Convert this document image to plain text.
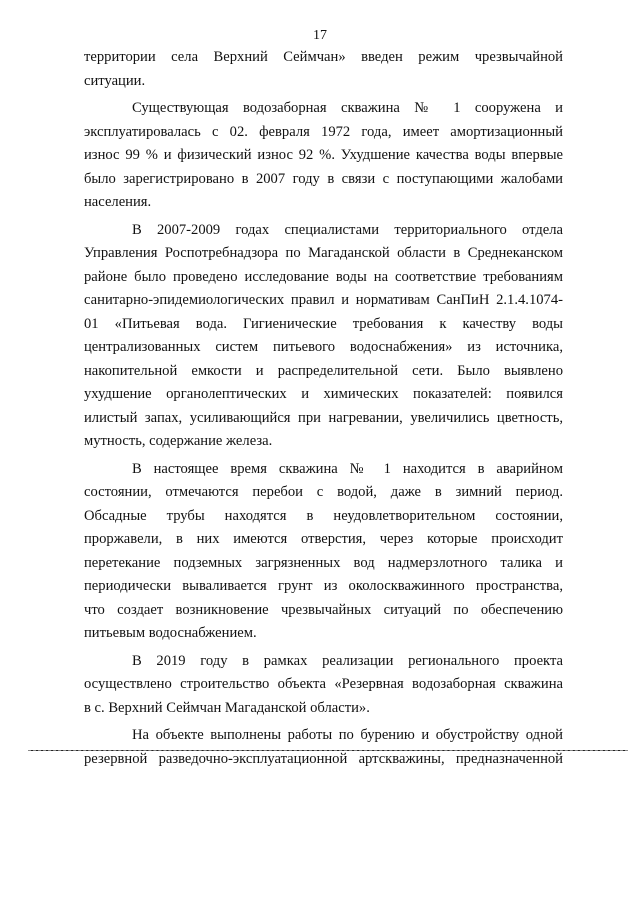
17
территории села Верхний Сеймчан» введен режим чрезвычайной
ситуации.
Существующая водозаборная скважина № 1 сооружена и
эксплуатировалась с 02. февраля 1972 года, имеет амортизационный
износ 99 % и физический износ 92 %. Ухудшение качества воды впервые
было зарегистрировано в 2007 году в связи с поступающими жалобами
населения.
В 2007-2009 годах специалистами территориального отдела
Управления Роспотребнадзора по Магаданской области в Среднеканском
районе было проведено исследование воды на соответствие требованиям
санитарно-эпидемиологических правил и нормативам СанПиН 2.1.4.1074-
01 «Питьевая вода. Гигиенические требования к качеству воды
централизованных систем питьевого водоснабжения» из источника,
накопительной емкости и распределительной сети. Было выявлено
ухудшение органолептических и химических показателей: появился
илистый запах, усиливающийся при нагревании, увеличились цветность,
мутность, содержание железа.
В настоящее время скважина № 1 находится в аварийном
состоянии, отмечаются перебои с водой, даже в зимний период.
Обсадные трубы находятся в неудовлетворительном состоянии,
проржавели, в них имеются отверстия, через которые происходит
перетекание подземных загрязненных вод надмерзлотного талика и
периодически вываливается грунт из околоскважинного пространства,
что создает возникновение чрезвычайных ситуаций по обеспечению
питьевым водоснабжением.
В 2019 году в рамках реализации регионального проекта
осуществлено строительство объекта «Резервная водозаборная скважина
в с. Верхний Сеймчан Магаданской области».
На объекте выполнены работы по бурению и обустройству одной
резервной разведочно-эксплуатационной артскважины, предназначенной
